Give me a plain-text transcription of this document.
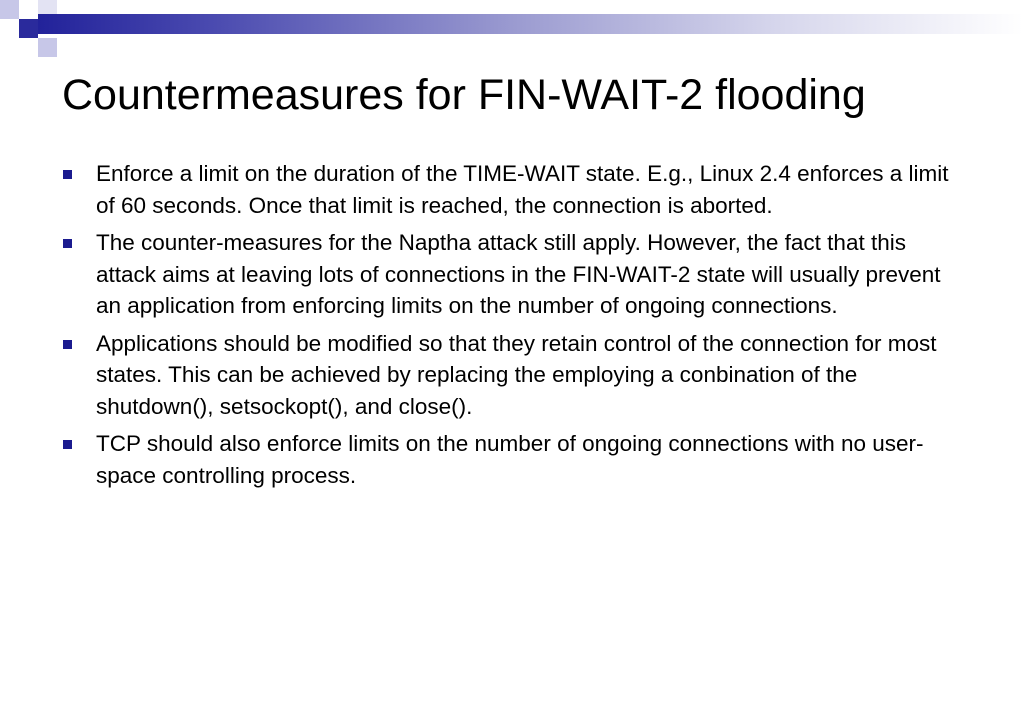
Countermeasures for FIN-WAIT-2 flooding
Enforce a limit on the duration of the TIME-WAIT state. E.g., Linux 2.4 enforces a limit of 60 seconds. Once that limit is reached, the connection is aborted.
The counter-measures for the Naptha attack still apply. However, the fact that this attack aims at leaving lots of connections in the FIN-WAIT-2 state will usually prevent an application from enforcing limits on the number of ongoing connections.
Applications should be modified so that they retain control of the connection for most states. This can be achieved by replacing the employing a conbination of the shutdown(), setsockopt(), and close().
TCP should also enforce limits on the number of ongoing connections with no user-space controlling process.
